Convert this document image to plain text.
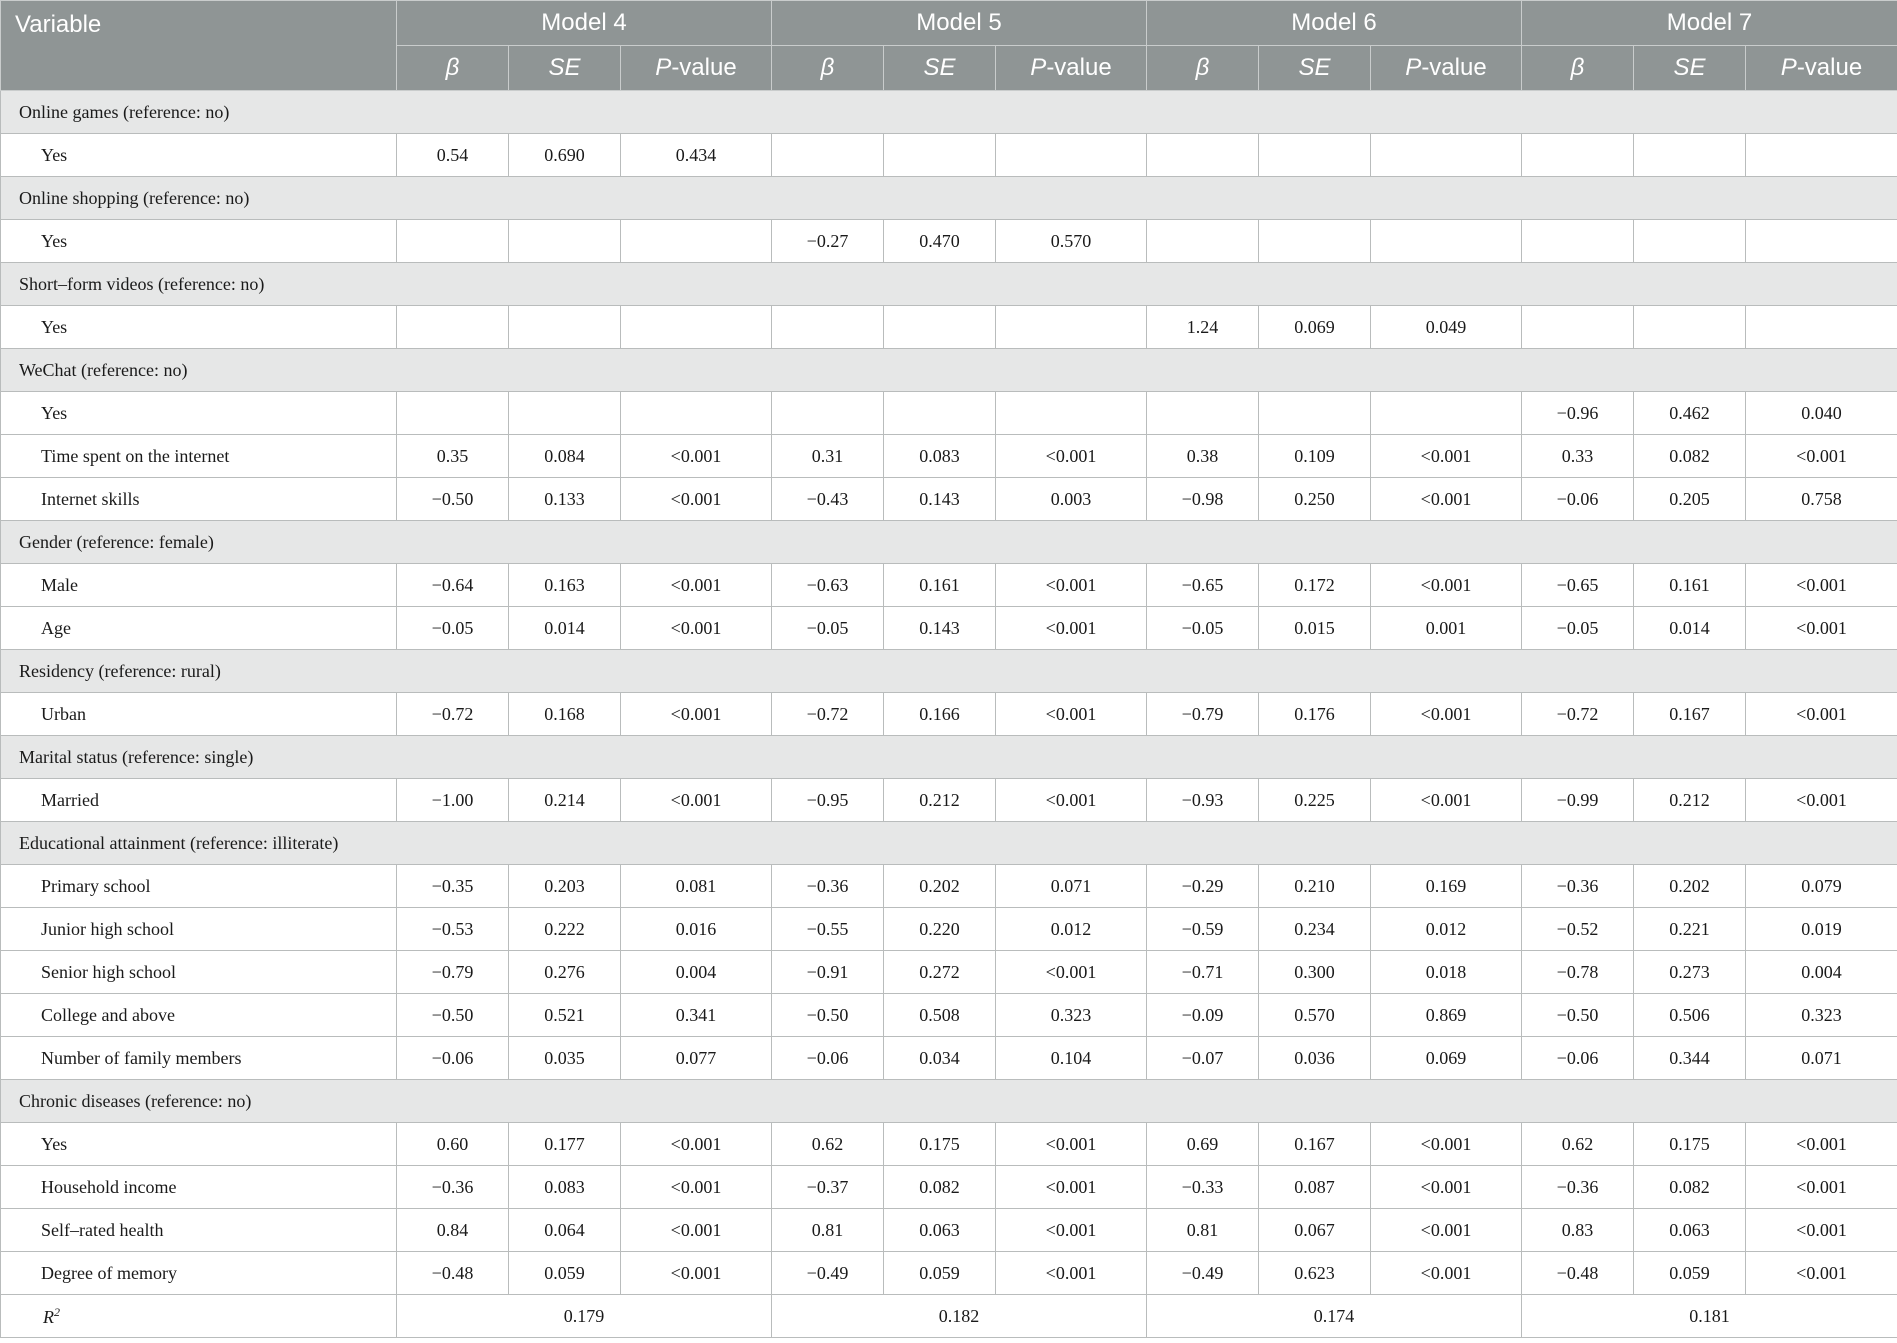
Variable	Model 4			Model 5			Model 6			Model 7		
	β	SE	P-value	β	SE	P-value	β	SE	P-value	β	SE	P-value
Online games (reference: no)												
Yes	0.54	0.690	0.434									
Online shopping (reference: no)												
Yes				−0.27	0.470	0.570						
Short–form videos (reference: no)												
Yes							1.24	0.069	0.049			
WeChat (reference: no)												
Yes										−0.96	0.462	0.040
Time spent on the internet	0.35	0.084	<0.001	0.31	0.083	<0.001	0.38	0.109	<0.001	0.33	0.082	<0.001
Internet skills	−0.50	0.133	<0.001	−0.43	0.143	0.003	−0.98	0.250	<0.001	−0.06	0.205	0.758
Gender (reference: female)												
Male	−0.64	0.163	<0.001	−0.63	0.161	<0.001	−0.65	0.172	<0.001	−0.65	0.161	<0.001
Age	−0.05	0.014	<0.001	−0.05	0.143	<0.001	−0.05	0.015	0.001	−0.05	0.014	<0.001
Residency (reference: rural)												
Urban	−0.72	0.168	<0.001	−0.72	0.166	<0.001	−0.79	0.176	<0.001	−0.72	0.167	<0.001
Marital status (reference: single)												
Married	−1.00	0.214	<0.001	−0.95	0.212	<0.001	−0.93	0.225	<0.001	−0.99	0.212	<0.001
Educational attainment (reference: illiterate)												
Primary school	−0.35	0.203	0.081	−0.36	0.202	0.071	−0.29	0.210	0.169	−0.36	0.202	0.079
Junior high school	−0.53	0.222	0.016	−0.55	0.220	0.012	−0.59	0.234	0.012	−0.52	0.221	0.019
Senior high school	−0.79	0.276	0.004	−0.91	0.272	<0.001	−0.71	0.300	0.018	−0.78	0.273	0.004
College and above	−0.50	0.521	0.341	−0.50	0.508	0.323	−0.09	0.570	0.869	−0.50	0.506	0.323
Number of family members	−0.06	0.035	0.077	−0.06	0.034	0.104	−0.07	0.036	0.069	−0.06	0.344	0.071
Chronic diseases (reference: no)												
Yes	0.60	0.177	<0.001	0.62	0.175	<0.001	0.69	0.167	<0.001	0.62	0.175	<0.001
Household income	−0.36	0.083	<0.001	−0.37	0.082	<0.001	−0.33	0.087	<0.001	−0.36	0.082	<0.001
Self–rated health	0.84	0.064	<0.001	0.81	0.063	<0.001	0.81	0.067	<0.001	0.83	0.063	<0.001
Degree of memory	−0.48	0.059	<0.001	−0.49	0.059	<0.001	−0.49	0.623	<0.001	−0.48	0.059	<0.001
$R^2$	0.179			0.182			0.174			0.181		
